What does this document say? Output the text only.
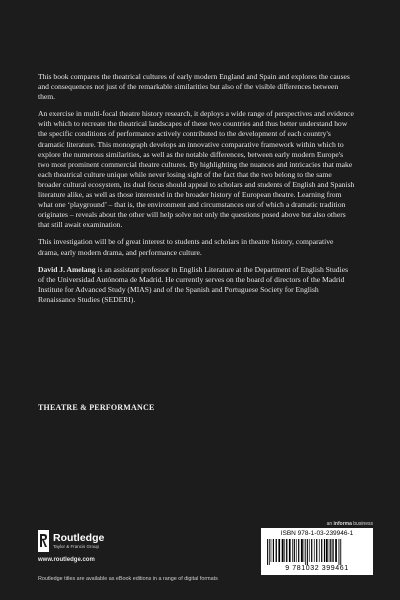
This book compares the theatrical cultures of early modern England and Spain and explores the causes and consequences not just of the remarkable similarities but also of the visible differences between them.

An exercise in multi-focal theatre history research, it deploys a wide range of perspectives and evidence with which to recreate the theatrical landscapes of these two countries and thus better understand how the specific conditions of performance actively contributed to the development of each country's dramatic literature. This monograph develops an innovative comparative framework within which to explore the numerous similarities, as well as the notable differences, between early modern Europe's two most prominent commercial theatre cultures. By highlighting the nuances and intricacies that make each theatrical culture unique while never losing sight of the fact that the two belong to the same broader cultural ecosystem, its dual focus should appeal to scholars and students of English and Spanish literature alike, as well as those interested in the broader history of European theatre. Learning from what one ‘playground’ – that is, the environment and circumstances out of which a dramatic tradition originates – reveals about the other will help solve not only the questions posed above but also others that still await examination.

This investigation will be of great interest to students and scholars in theatre history, comparative drama, early modern drama, and performance culture.

David J. Amelang is an assistant professor in English Literature at the Department of English Studies of the Universidad Autónoma de Madrid. He currently serves on the board of directors of the Madrid Institute for Advanced Study (MIAS) and of the Spanish and Portuguese Society for English Renaissance Studies (SEDERI).

THEATRE & PERFORMANCE
an informa business
Routledge
Taylor & Francis Group
www.routledge.com
Routledge titles are available as eBook editions in a range of digital formats
ISBN 978-1-03-239946-1
9 781032 399461
